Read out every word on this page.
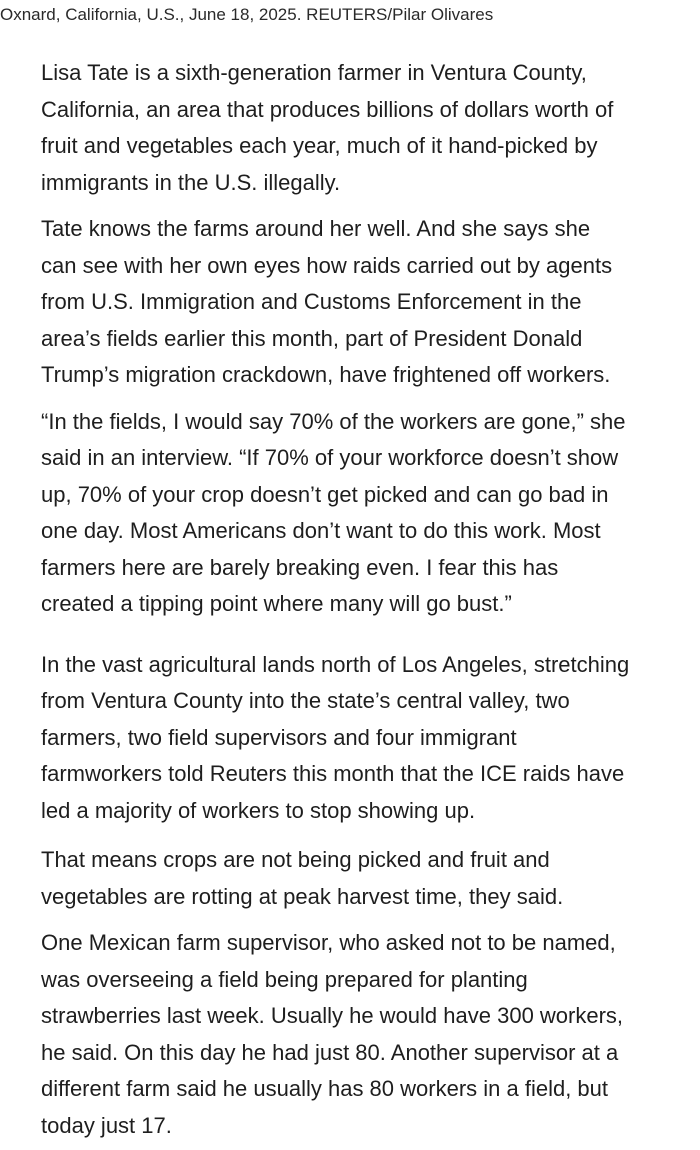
Oxnard, California, U.S., June 18, 2025. REUTERS/Pilar Olivares

Lisa Tate is a sixth-generation farmer in Ventura County,
California, an area that produces billions of dollars worth of
fruit and vegetables each year, much of it hand-picked by
immigrants in the U.S. illegally.

Tate knows the farms around her well. And she says she
can see with her own eyes how raids carried out by agents
from U.S. Immigration and Customs Enforcement in the
area’s fields earlier this month, part of President Donald
Trump’s migration crackdown, have frightened off workers.

“In the fields, I would say 70% of the workers are gone,” she
said in an interview. “If 70% of your workforce doesn’t show
up, 70% of your crop doesn’t get picked and can go bad in
one day. Most Americans don’t want to do this work. Most
farmers here are barely breaking even. I fear this has
created a tipping point where many will go bust.”

In the vast agricultural lands north of Los Angeles, stretching
from Ventura County into the state’s central valley, two
farmers, two field supervisors and four immigrant
farmworkers told Reuters this month that the ICE raids have
led a majority of workers to stop showing up.

That means crops are not being picked and fruit and
vegetables are rotting at peak harvest time, they said.

One Mexican farm supervisor, who asked not to be named,
was overseeing a field being prepared for planting
strawberries last week. Usually he would have 300 workers,
he said. On this day he had just 80. Another supervisor at a
different farm said he usually has 80 workers in a field, but
today just 17.
